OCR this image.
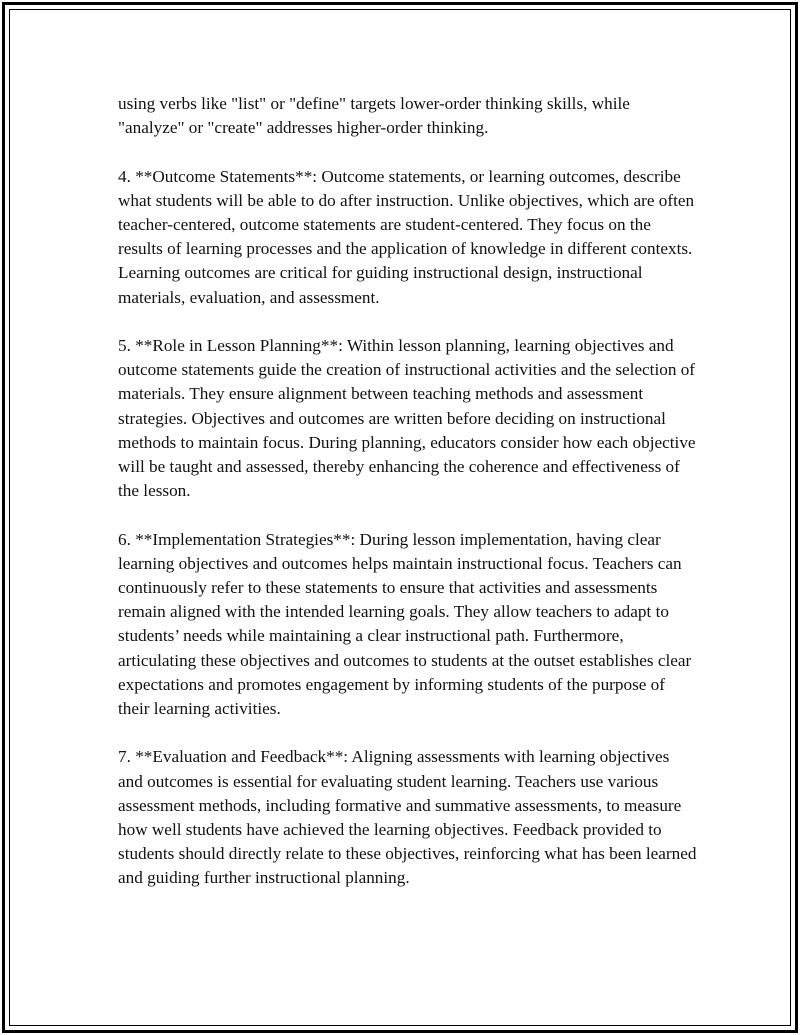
using verbs like "list" or "define" targets lower-order thinking skills, while "analyze" or "create" addresses higher-order thinking.

4. **Outcome Statements**: Outcome statements, or learning outcomes, describe what students will be able to do after instruction. Unlike objectives, which are often teacher-centered, outcome statements are student-centered. They focus on the results of learning processes and the application of knowledge in different contexts. Learning outcomes are critical for guiding instructional design, instructional materials, evaluation, and assessment.

5. **Role in Lesson Planning**: Within lesson planning, learning objectives and outcome statements guide the creation of instructional activities and the selection of materials. They ensure alignment between teaching methods and assessment strategies. Objectives and outcomes are written before deciding on instructional methods to maintain focus. During planning, educators consider how each objective will be taught and assessed, thereby enhancing the coherence and effectiveness of the lesson.

6. **Implementation Strategies**: During lesson implementation, having clear learning objectives and outcomes helps maintain instructional focus. Teachers can continuously refer to these statements to ensure that activities and assessments remain aligned with the intended learning goals. They allow teachers to adapt to students’ needs while maintaining a clear instructional path. Furthermore, articulating these objectives and outcomes to students at the outset establishes clear expectations and promotes engagement by informing students of the purpose of their learning activities.

7. **Evaluation and Feedback**: Aligning assessments with learning objectives and outcomes is essential for evaluating student learning. Teachers use various assessment methods, including formative and summative assessments, to measure how well students have achieved the learning objectives. Feedback provided to students should directly relate to these objectives, reinforcing what has been learned and guiding further instructional planning.
